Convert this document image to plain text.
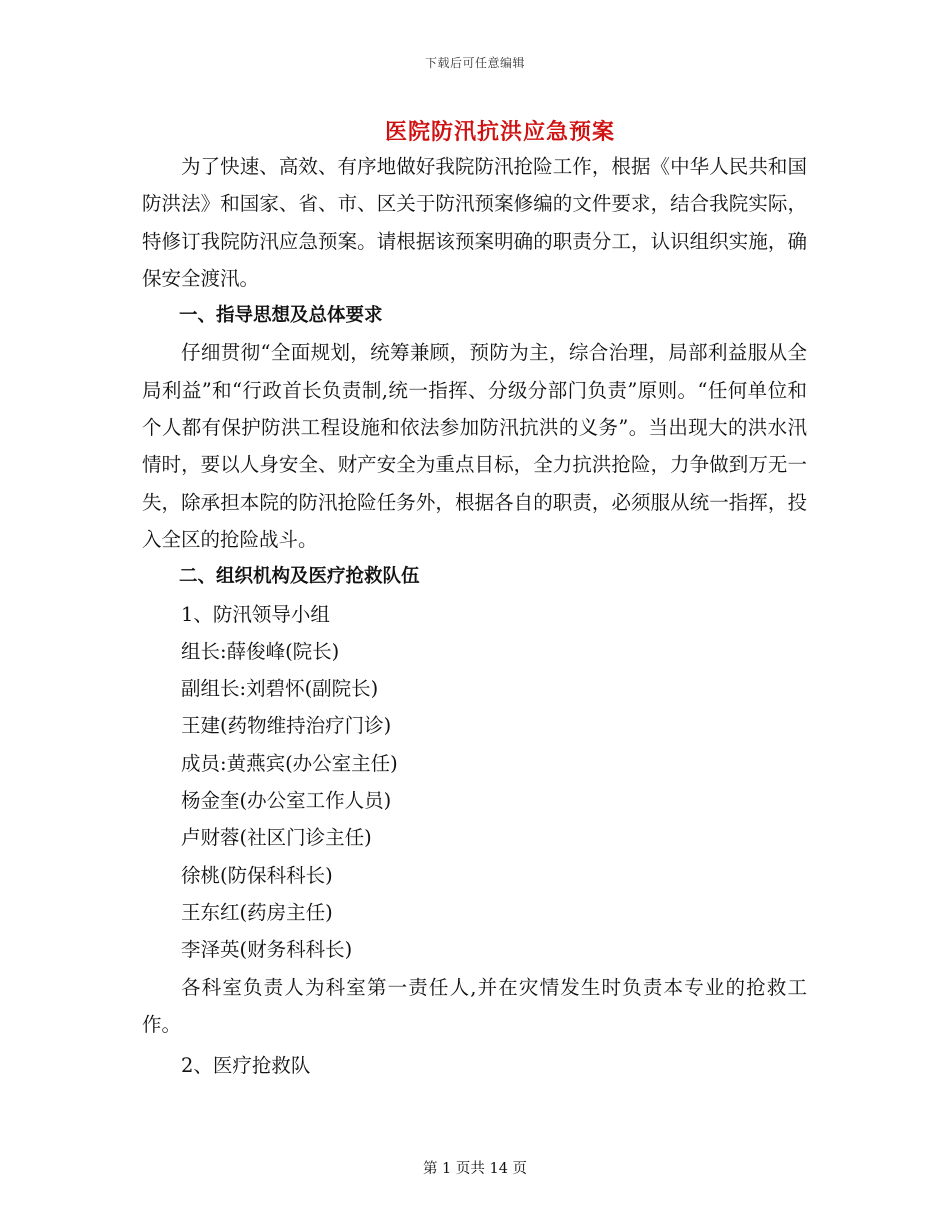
下载后可任意编辑
医院防汛抗洪应急预案

为了快速、高效、有序地做好我院防汛抢险工作，根据《中华人民共和国防洪法》和国家、省、市、区关于防汛预案修编的文件要求，结合我院实际，特修订我院防汛应急预案。请根据该预案明确的职责分工，认识组织实施，确保安全渡汛。

一、指导思想及总体要求

仔细贯彻“全面规划，统筹兼顾，预防为主，综合治理，局部利益服从全局利益”和“行政首长负责制,统一指挥、分级分部门负责”原则。“任何单位和个人都有保护防洪工程设施和依法参加防汛抗洪的义务”。当出现大的洪水汛情时，要以人身安全、财产安全为重点目标，全力抗洪抢险，力争做到万无一失，除承担本院的防汛抢险任务外，根据各自的职责，必须服从统一指挥，投入全区的抢险战斗。

二、组织机构及医疗抢救队伍

1、防汛领导小组

组长:薛俊峰(院长)

副组长:刘碧怀(副院长)

王建(药物维持治疗门诊)

成员:黄燕宾(办公室主任)

杨金奎(办公室工作人员)

卢财蓉(社区门诊主任)

徐桃(防保科科长)

王东红(药房主任)

李泽英(财务科科长)

各科室负责人为科室第一责任人,并在灾情发生时负责本专业的抢救工作。

2、医疗抢救队

第 1 页共 14 页
